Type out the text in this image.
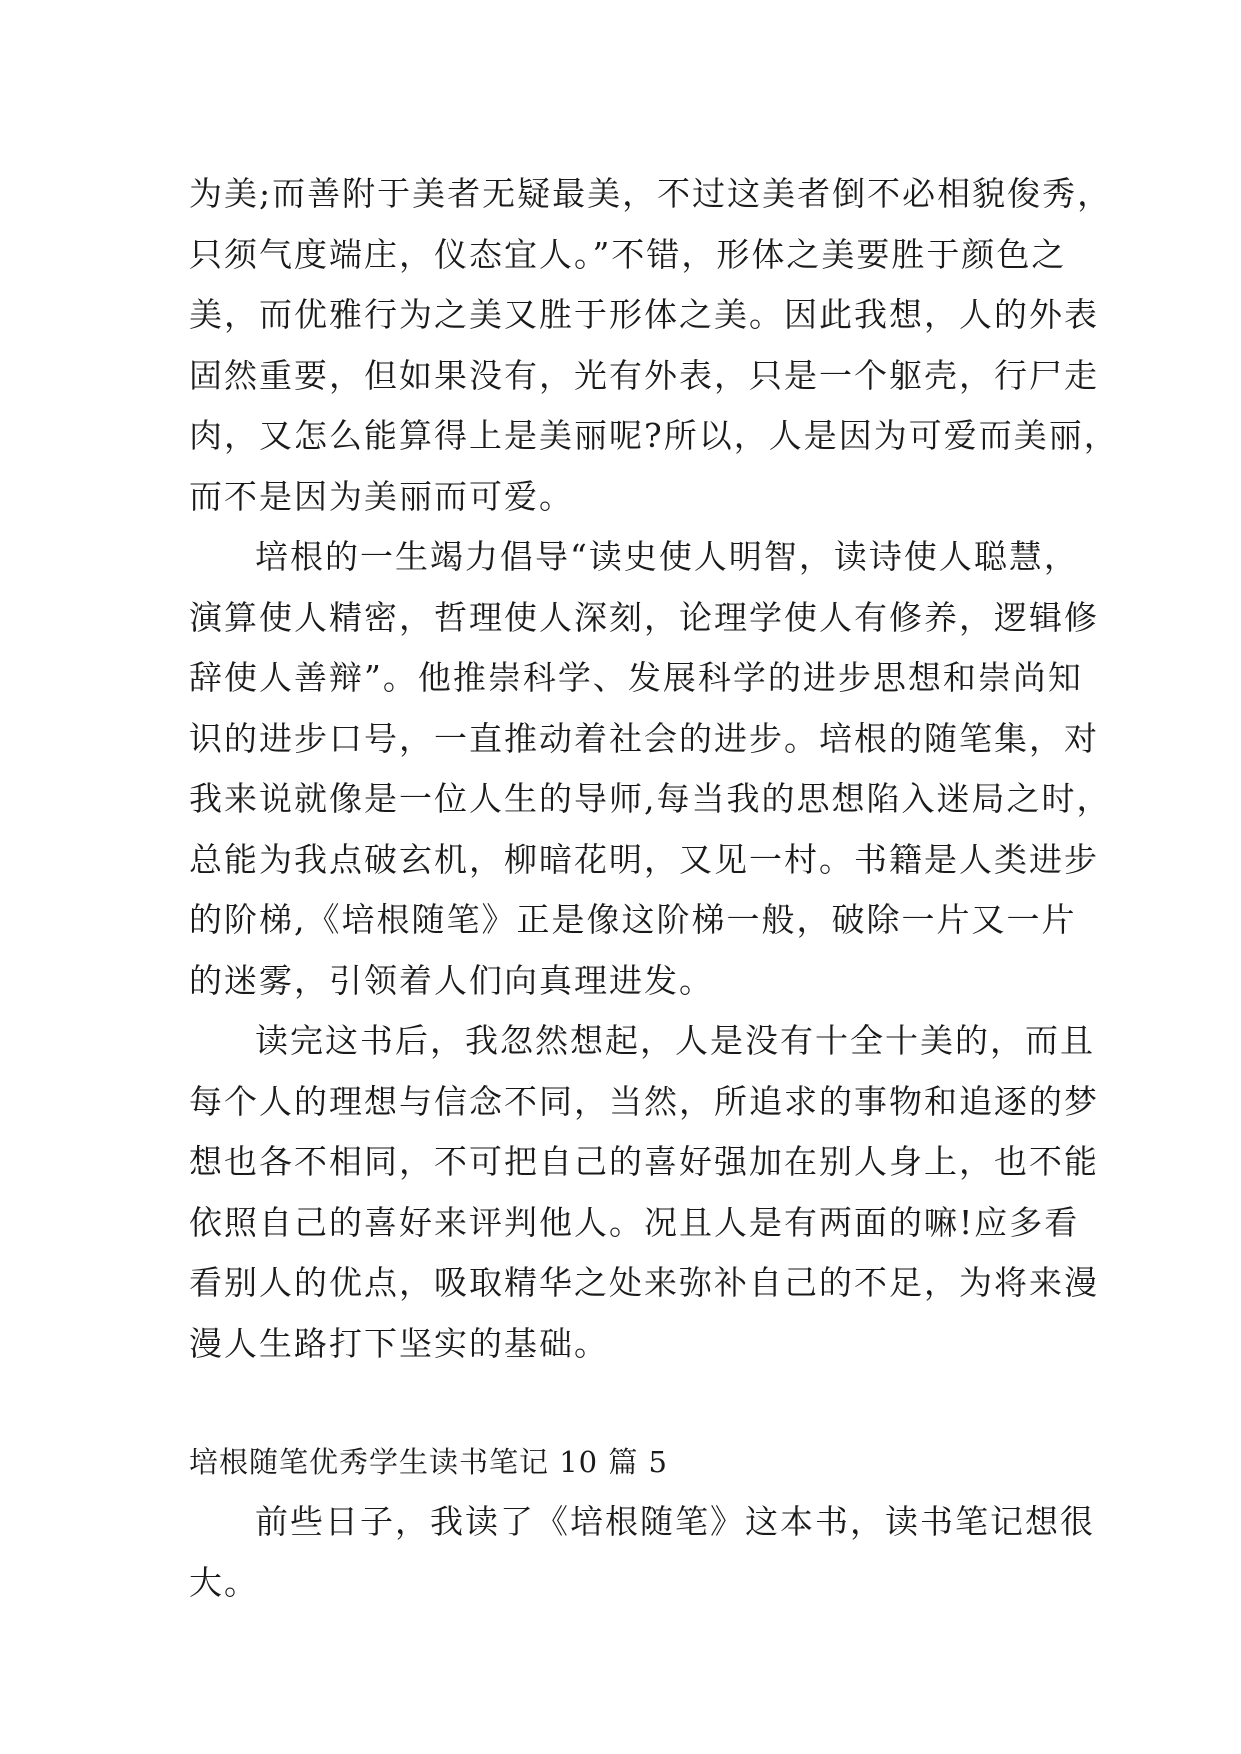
为美;而善附于美者无疑最美，不过这美者倒不必相貌俊秀，
只须气度端庄，仪态宜人。”不错，形体之美要胜于颜色之
美，而优雅行为之美又胜于形体之美。因此我想，人的外表
固然重要，但如果没有，光有外表，只是一个躯壳，行尸走
肉，又怎么能算得上是美丽呢?所以，人是因为可爱而美丽，
而不是因为美丽而可爱。
培根的一生竭力倡导“读史使人明智，读诗使人聪慧，
演算使人精密，哲理使人深刻，论理学使人有修养，逻辑修
辞使人善辩”。他推崇科学、发展科学的进步思想和崇尚知
识的进步口号，一直推动着社会的进步。培根的随笔集，对
我来说就像是一位人生的导师,每当我的思想陷入迷局之时，
总能为我点破玄机，柳暗花明，又见一村。书籍是人类进步
的阶梯,《培根随笔》正是像这阶梯一般，破除一片又一片
的迷雾，引领着人们向真理进发。
读完这书后，我忽然想起，人是没有十全十美的，而且
每个人的理想与信念不同，当然，所追求的事物和追逐的梦
想也各不相同，不可把自己的喜好强加在别人身上，也不能
依照自己的喜好来评判他人。况且人是有两面的嘛!应多看
看别人的优点，吸取精华之处来弥补自己的不足，为将来漫
漫人生路打下坚实的基础。
培根随笔优秀学生读书笔记 10 篇 5
前些日子，我读了《培根随笔》这本书，读书笔记想很
大。
